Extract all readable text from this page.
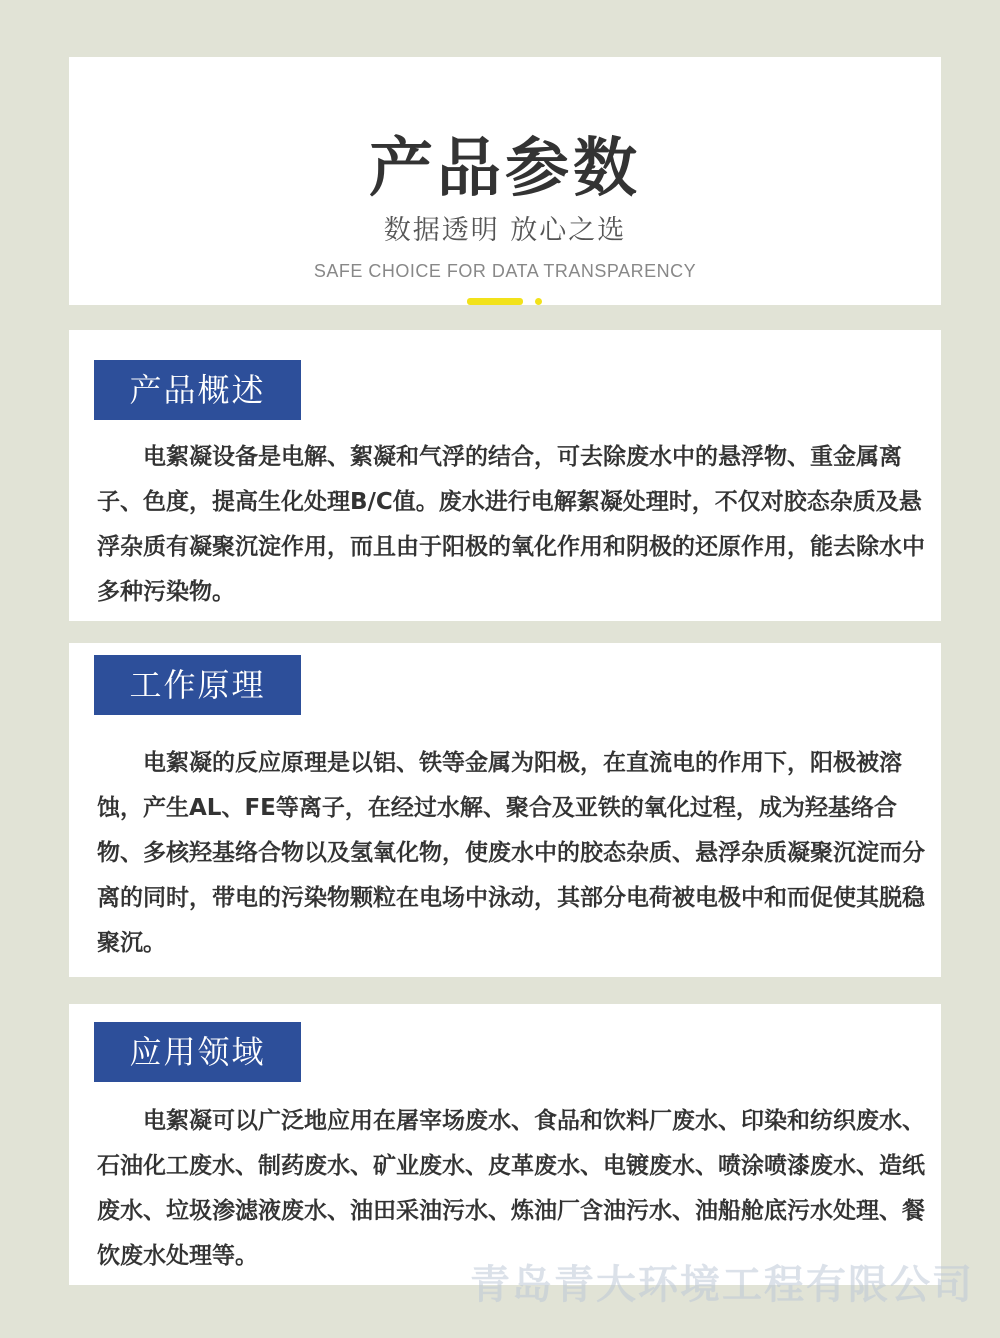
产品参数
数据透明 放心之选
SAFE CHOICE FOR DATA TRANSPARENCY
产品概述

电絮凝设备是电解、絮凝和气浮的结合，可去除废水中的悬浮物、重金属离子、色度，提高生化处理B/C值。废水进行电解絮凝处理时，不仅对胶态杂质及悬浮杂质有凝聚沉淀作用，而且由于阳极的氧化作用和阴极的还原作用，能去除水中多种污染物。

工作原理

电絮凝的反应原理是以铝、铁等金属为阳极，在直流电的作用下，阳极被溶蚀，产生AL、FE等离子，在经过水解、聚合及亚铁的氧化过程，成为羟基络合物、多核羟基络合物以及氢氧化物，使废水中的胶态杂质、悬浮杂质凝聚沉淀而分离的同时，带电的污染物颗粒在电场中泳动，其部分电荷被电极中和而促使其脱稳聚沉。

应用领域

电絮凝可以广泛地应用在屠宰场废水、食品和饮料厂废水、印染和纺织废水、石油化工废水、制药废水、矿业废水、皮革废水、电镀废水、喷涂喷漆废水、造纸废水、垃圾渗滤液废水、油田采油污水、炼油厂含油污水、油船舱底污水处理、餐饮废水处理等。

青岛青大环境工程有限公司
